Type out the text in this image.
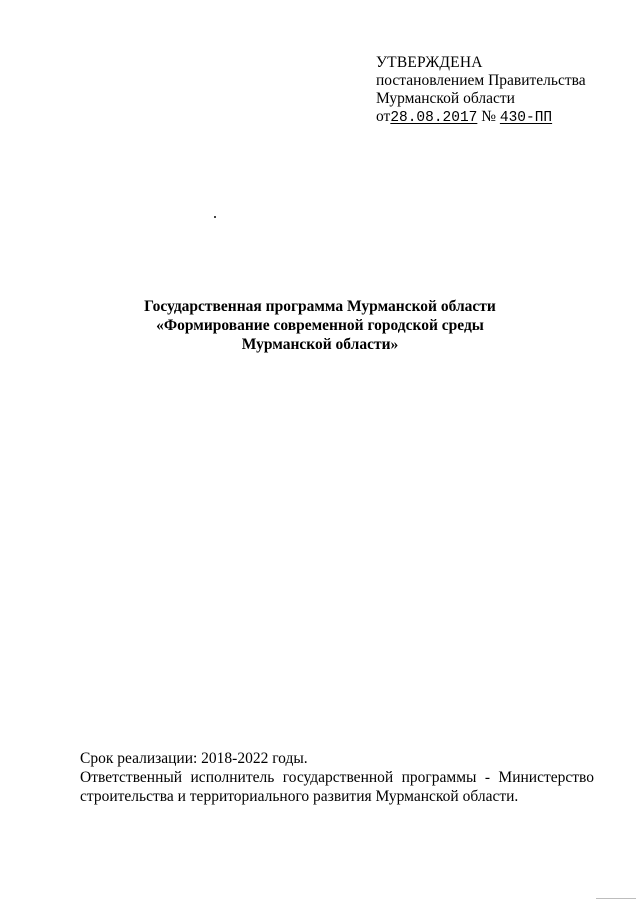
УТВЕРЖДЕНА
постановлением Правительства
Мурманской области
от28.08.2017 № 430-ПП
Государственная программа Мурманской области
«Формирование современной городской среды
Мурманской области»
Срок реализации: 2018-2022 годы.
Ответственный исполнитель государственной программы - Министерство
строительства и территориального развития Мурманской области.
